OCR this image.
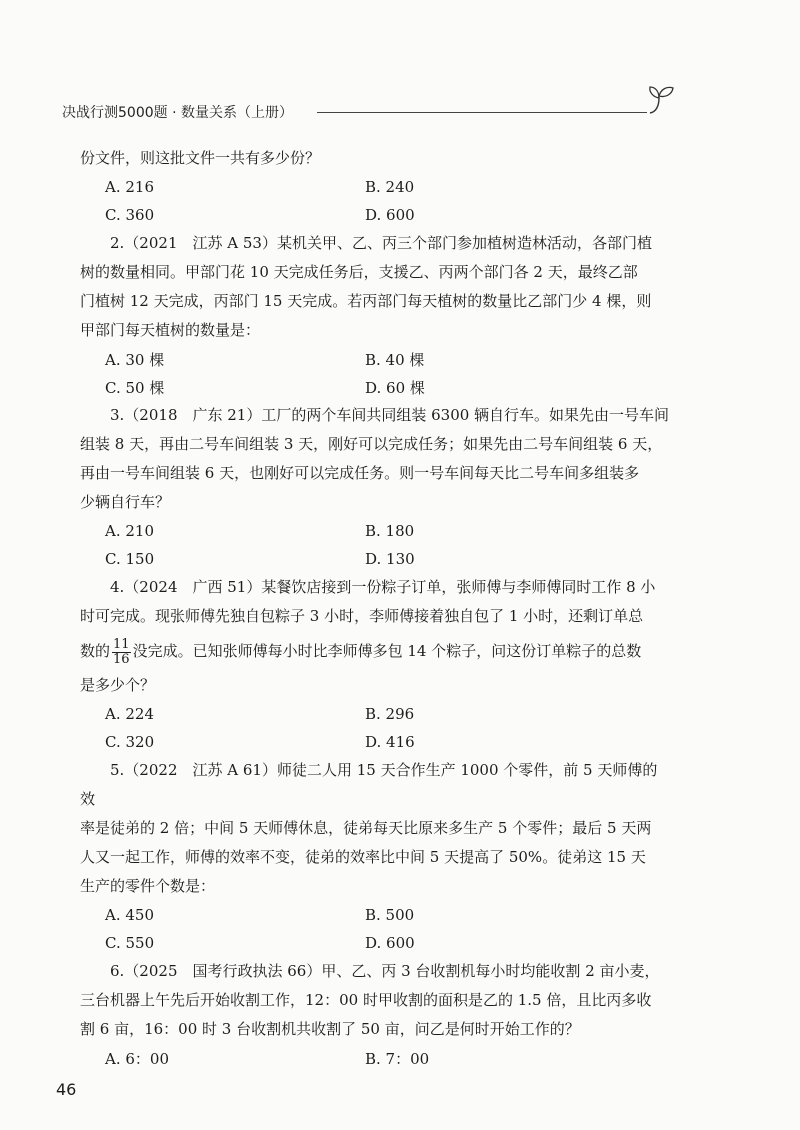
决战行测5000题 · 数量关系（上册）

份文件，则这批文件一共有多少份？

A. 216	B. 240
C. 360	D. 600

2.（2021　江苏 A 53）某机关甲、乙、丙三个部门参加植树造林活动，各部门植

树的数量相同。甲部门花 10 天完成任务后，支援乙、丙两个部门各 2 天，最终乙部

门植树 12 天完成，丙部门 15 天完成。若丙部门每天植树的数量比乙部门少 4 棵，则

甲部门每天植树的数量是：

A. 30 棵	B. 40 棵
C. 50 棵	D. 60 棵

3.（2018　广东 21）工厂的两个车间共同组装 6300 辆自行车。如果先由一号车间

组装 8 天，再由二号车间组装 3 天，刚好可以完成任务；如果先由二号车间组装 6 天，

再由一号车间组装 6 天，也刚好可以完成任务。则一号车间每天比二号车间多组装多

少辆自行车？

A. 210	B. 180
C. 150	D. 130

4.（2024　广西 51）某餐饮店接到一份粽子订单，张师傅与李师傅同时工作 8 小

时可完成。现张师傅先独自包粽子 3 小时，李师傅接着独自包了 1 小时，还剩订单总

数的 $\frac{11}{16}$ 没完成。已知张师傅每小时比李师傅多包 14 个粽子，问这份订单粽子的总数

是多少个？

A. 224	B. 296
C. 320	D. 416

5.（2022　江苏 A 61）师徒二人用 15 天合作生产 1000 个零件，前 5 天师傅的效

率是徒弟的 2 倍；中间 5 天师傅休息，徒弟每天比原来多生产 5 个零件；最后 5 天两

人又一起工作，师傅的效率不变，徒弟的效率比中间 5 天提高了 50%。徒弟这 15 天

生产的零件个数是：

A. 450	B. 500
C. 550	D. 600

6.（2025　国考行政执法 66）甲、乙、丙 3 台收割机每小时均能收割 2 亩小麦，

三台机器上午先后开始收割工作，12：00 时甲收割的面积是乙的 1.5 倍，且比丙多收

割 6 亩，16：00 时 3 台收割机共收割了 50 亩，问乙是何时开始工作的？

A. 6：00	B. 7：00
46
